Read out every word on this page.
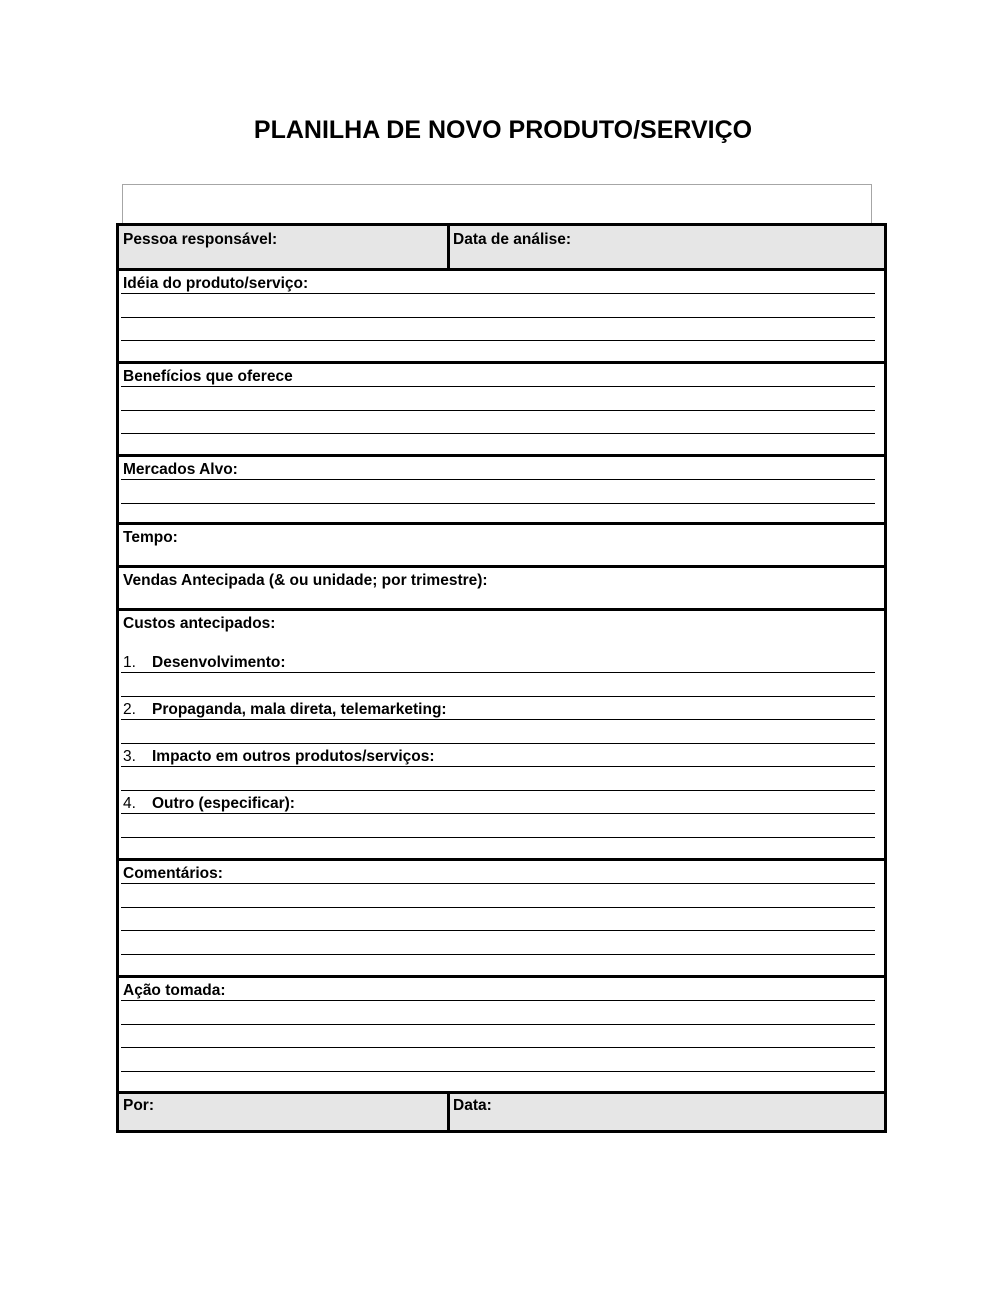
PLANILHA DE NOVO PRODUTO/SERVIÇO
Pessoa responsável:	Data de análise:
Idéia do produto/serviço:
Benefícios que oferece
Mercados Alvo:
Tempo:
Vendas Antecipada (& ou unidade; por trimestre):
Custos antecipados:
1. Desenvolvimento:
2. Propaganda, mala direta, telemarketing:
3. Impacto em outros produtos/serviços:
4. Outro (especificar):
Comentários:
Ação tomada:
Por:	Data:
